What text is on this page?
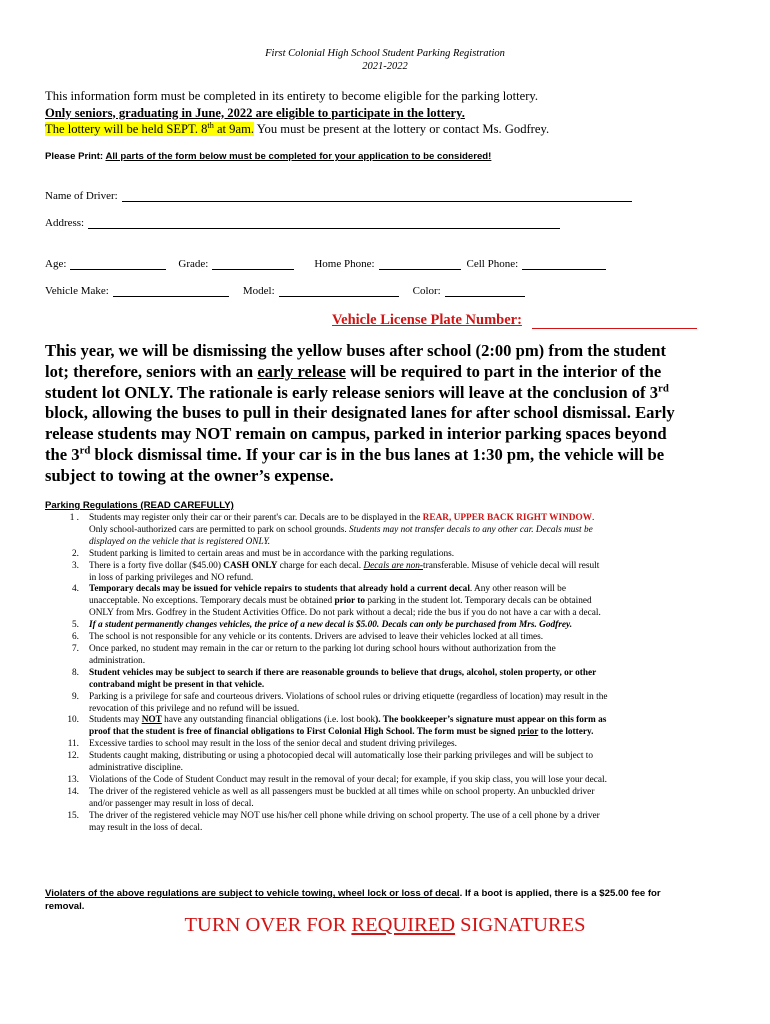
First Colonial High School Student Parking Registration
2021-2022
This information form must be completed in its entirety to become eligible for the parking lottery.
Only seniors, graduating in June, 2022 are eligible to participate in the lottery.
The lottery will be held SEPT. 8th at 9am. You must be present at the lottery or contact Ms. Godfrey.
Please Print: All parts of the form below must be completed for your application to be considered!
Name of Driver:
Address:
Age:	Grade:	Home Phone:	Cell Phone:
Vehicle Make:	Model:	Color:
Vehicle License Plate Number:
This year, we will be dismissing the yellow buses after school (2:00 pm) from the student
lot; therefore, seniors with an early release will be required to part in the interior of the
student lot ONLY. The rationale is early release seniors will leave at the conclusion of 3rd
block, allowing the buses to pull in their designated lanes for after school dismissal. Early
release students may NOT remain on campus, parked in interior parking spaces beyond
the 3rd block dismissal time. If your car is in the bus lanes at 1:30 pm, the vehicle will be
subject to towing at the owner’s expense.
Parking Regulations (READ CAREFULLY)
1 .	Students may register only their car or their parent's car. Decals are to be displayed in the REAR, UPPER BACK RIGHT WINDOW.
Only school-authorized cars are permitted to park on school grounds. Students may not transfer decals to any other car. Decals must be
displayed on the vehicle that is registered ONLY.
2.	Student parking is limited to certain areas and must be in accordance with the parking regulations.
3.	There is a forty five dollar ($45.00) CASH ONLY charge for each decal. Decals are non-transferable. Misuse of vehicle decal will result
in loss of parking privileges and NO refund.
4.	Temporary decals may be issued for vehicle repairs to students that already hold a current decal. Any other reason will be
unacceptable. No exceptions. Temporary decals must be obtained prior to parking in the student lot. Temporary decals can be obtained
ONLY from Mrs. Godfrey in the Student Activities Office. Do not park without a decal; ride the bus if you do not have a car with a decal.
5.	If a student permanently changes vehicles, the price of a new decal is $5.00. Decals can only be purchased from Mrs. Godfrey.
6.	The school is not responsible for any vehicle or its contents. Drivers are advised to leave their vehicles locked at all times.
7.	Once parked, no student may remain in the car or return to the parking lot during school hours without authorization from the
administration.
8.	Student vehicles may be subject to search if there are reasonable grounds to believe that drugs, alcohol, stolen property, or other
contraband might be present in that vehicle.
9.	Parking is a privilege for safe and courteous drivers. Violations of school rules or driving etiquette (regardless of location) may result in the
revocation of this privilege and no refund will be issued.
10.	Students may NOT have any outstanding financial obligations (i.e. lost book). The bookkeeper’s signature must appear on this form as
proof that the student is free of financial obligations to First Colonial High School. The form must be signed prior to the lottery.
11.	Excessive tardies to school may result in the loss of the senior decal and student driving privileges.
12.	Students caught making, distributing or using a photocopied decal will automatically lose their parking privileges and will be subject to
administrative discipline.
13.	Violations of the Code of Student Conduct may result in the removal of your decal; for example, if you skip class, you will lose your decal.
14.	The driver of the registered vehicle as well as all passengers must be buckled at all times while on school property. An unbuckled driver
and/or passenger may result in loss of decal.
15.	The driver of the registered vehicle may NOT use his/her cell phone while driving on school property. The use of a cell phone by a driver
may result in the loss of decal.
Violaters of the above regulations are subject to vehicle towing, wheel lock or loss of decal. If a boot is applied, there is a $25.00 fee for
removal.
TURN OVER FOR REQUIRED SIGNATURES
